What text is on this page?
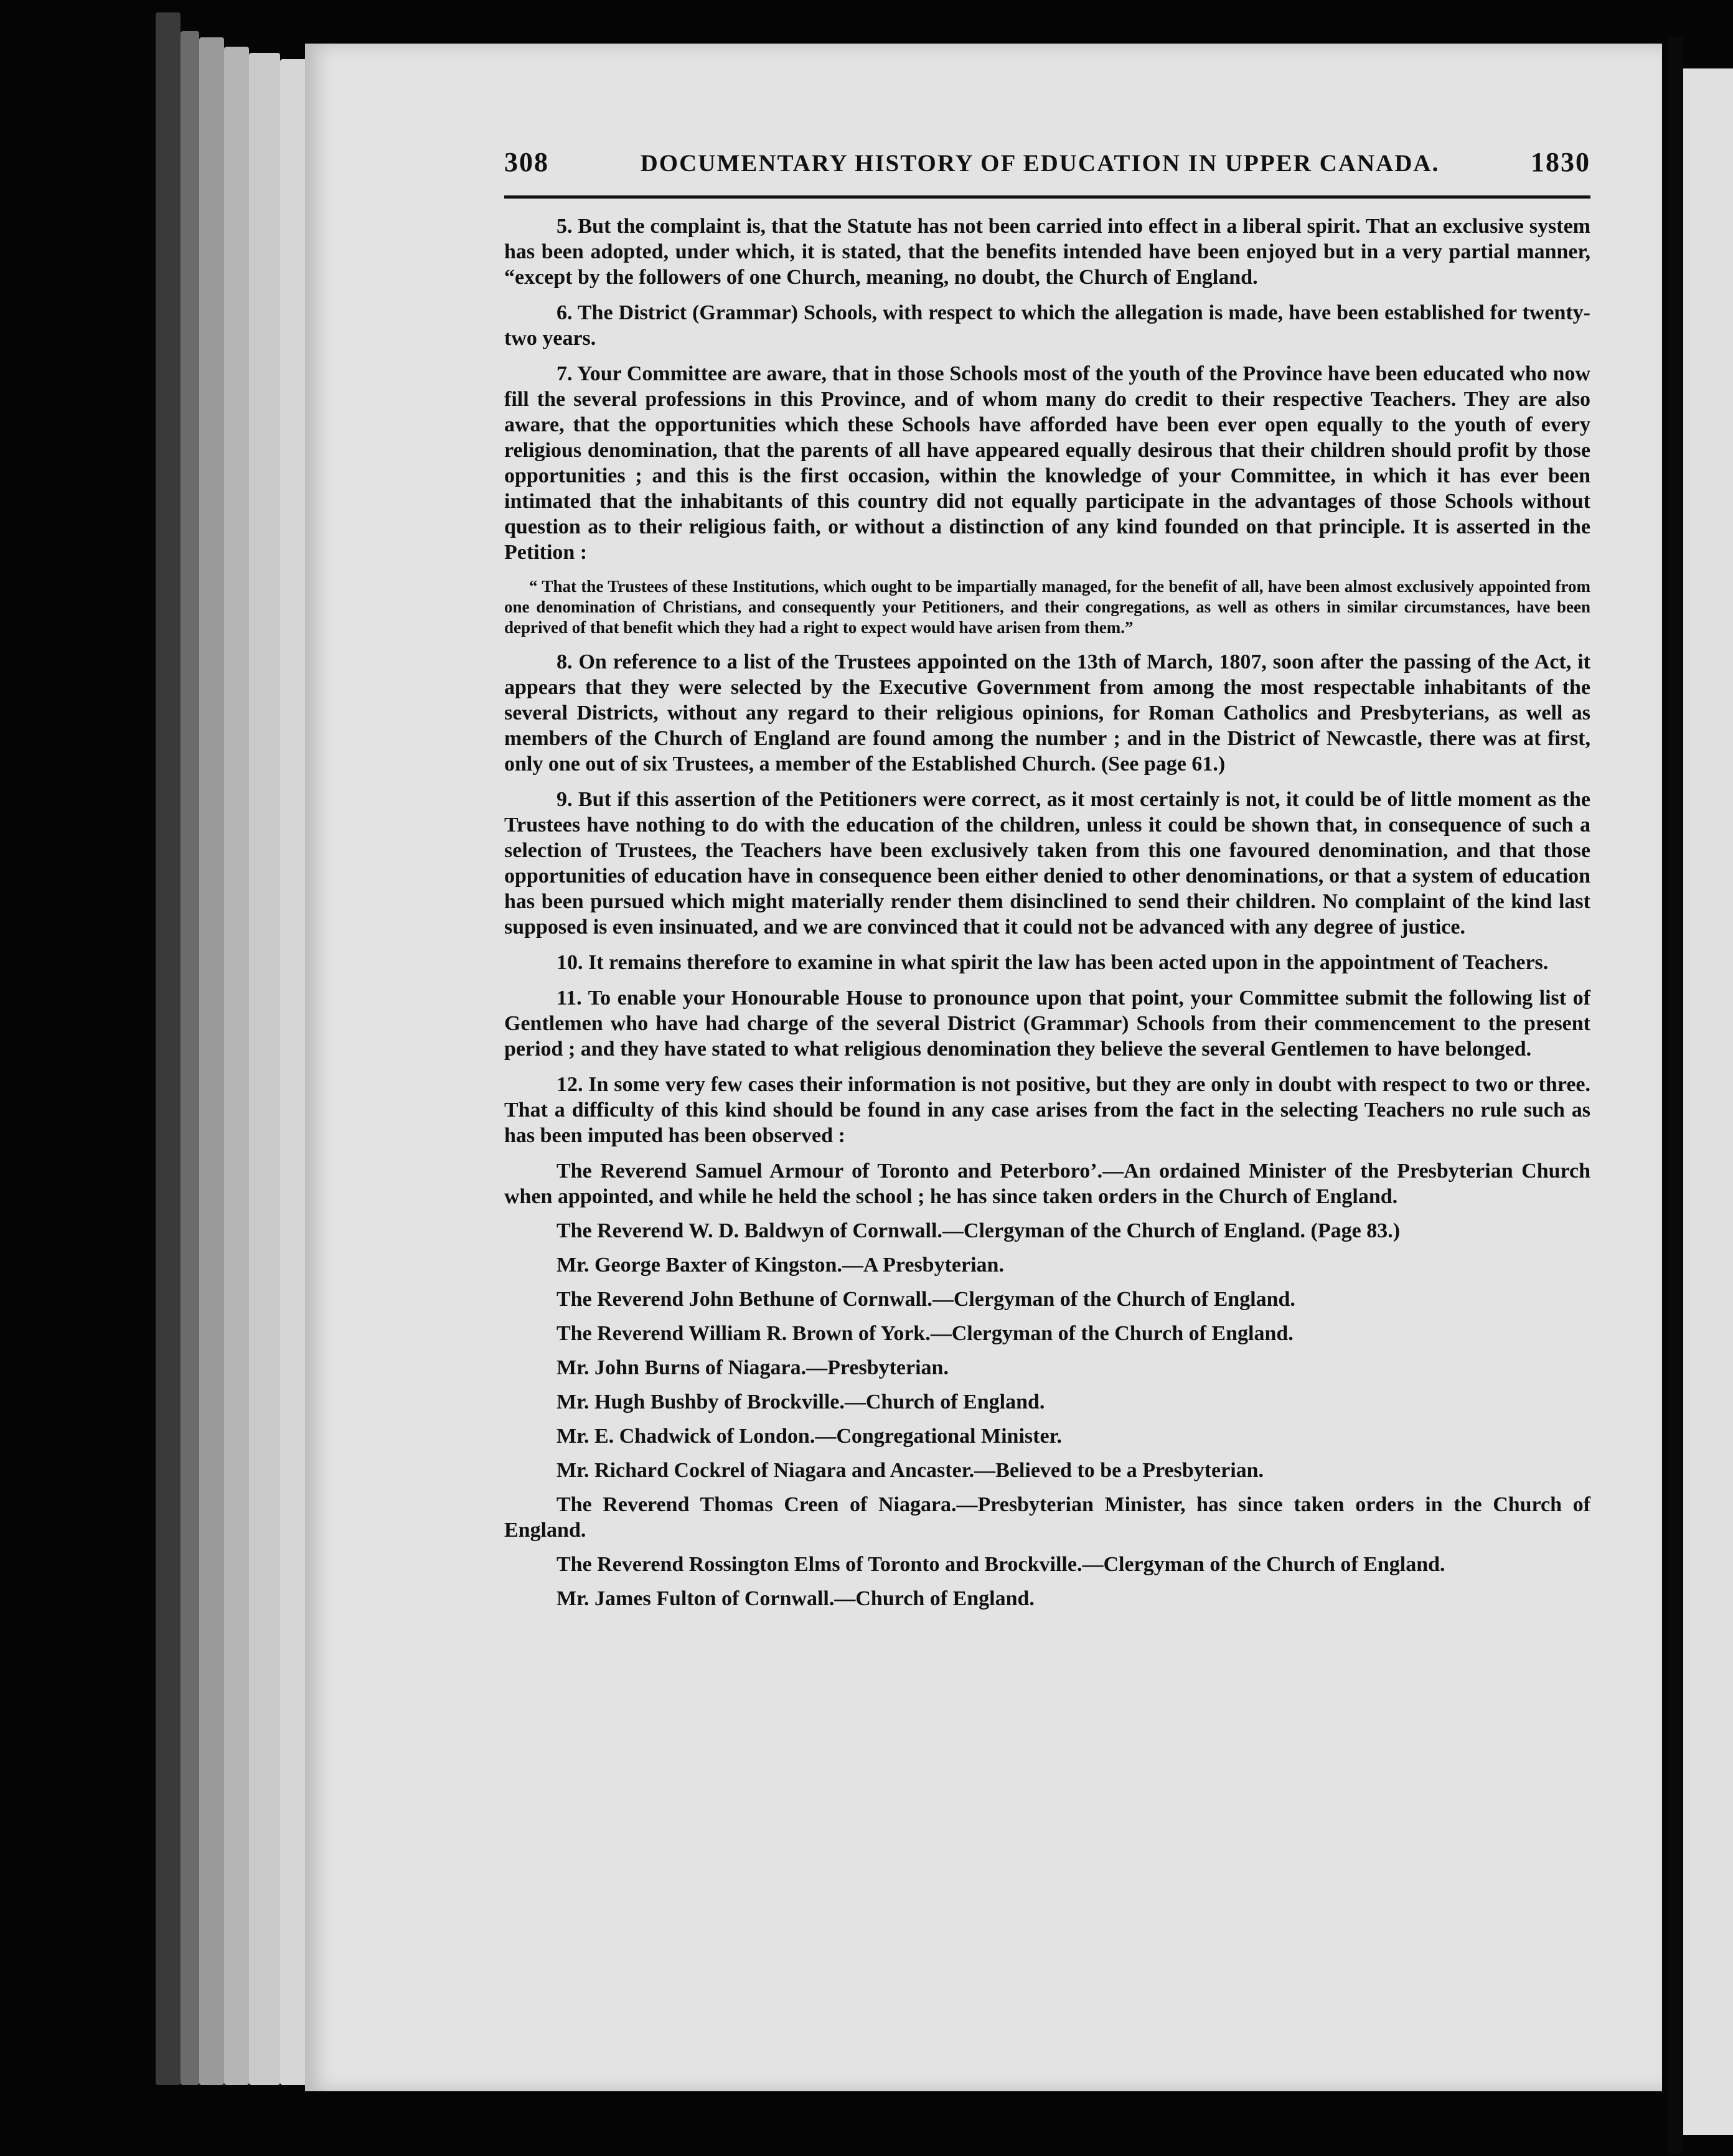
308	DOCUMENTARY HISTORY OF EDUCATION IN UPPER CANADA.	1830

5. But the complaint is, that the Statute has not been carried into effect in a liberal spirit. That an exclusive system has been adopted, under which, it is stated, that the benefits intended have been enjoyed but in a very partial manner, “except by the followers of one Church, meaning, no doubt, the Church of England.

6. The District (Grammar) Schools, with respect to which the allegation is made, have been established for twenty-two years.

7. Your Committee are aware, that in those Schools most of the youth of the Province have been educated who now fill the several professions in this Province, and of whom many do credit to their respective Teachers. They are also aware, that the opportunities which these Schools have afforded have been ever open equally to the youth of every religious denomination, that the parents of all have appeared equally desirous that their children should profit by those opportunities ; and this is the first occasion, within the knowledge of your Committee, in which it has ever been intimated that the inhabitants of this country did not equally participate in the advantages of those Schools without question as to their religious faith, or without a distinction of any kind founded on that principle. It is asserted in the Petition :

“ That the Trustees of these Institutions, which ought to be impartially managed, for the benefit of all, have been almost exclusively appointed from one denomination of Christians, and consequently your Petitioners, and their congregations, as well as others in similar circumstances, have been deprived of that benefit which they had a right to expect would have arisen from them.”

8. On reference to a list of the Trustees appointed on the 13th of March, 1807, soon after the passing of the Act, it appears that they were selected by the Executive Government from among the most respectable inhabitants of the several Districts, without any regard to their religious opinions, for Roman Catholics and Presbyterians, as well as members of the Church of England are found among the number ; and in the District of Newcastle, there was at first, only one out of six Trustees, a member of the Established Church. (See page 61.)

9. But if this assertion of the Petitioners were correct, as it most certainly is not, it could be of little moment as the Trustees have nothing to do with the education of the children, unless it could be shown that, in consequence of such a selection of Trustees, the Teachers have been exclusively taken from this one favoured denomination, and that those opportunities of education have in consequence been either denied to other denominations, or that a system of education has been pursued which might materially render them disinclined to send their children. No complaint of the kind last supposed is even insinuated, and we are convinced that it could not be advanced with any degree of justice.

10. It remains therefore to examine in what spirit the law has been acted upon in the appointment of Teachers.

11. To enable your Honourable House to pronounce upon that point, your Committee submit the following list of Gentlemen who have had charge of the several District (Grammar) Schools from their commencement to the present period ; and they have stated to what religious denomination they believe the several Gentlemen to have belonged.

12. In some very few cases their information is not positive, but they are only in doubt with respect to two or three. That a difficulty of this kind should be found in any case arises from the fact in the selecting Teachers no rule such as has been imputed has been observed :

The Reverend Samuel Armour of Toronto and Peterboro’.—An ordained Minister of the Presbyterian Church when appointed, and while he held the school ; he has since taken orders in the Church of England.

The Reverend W. D. Baldwyn of Cornwall.—Clergyman of the Church of England. (Page 83.)

Mr. George Baxter of Kingston.—A Presbyterian.

The Reverend John Bethune of Cornwall.—Clergyman of the Church of England.

The Reverend William R. Brown of York.—Clergyman of the Church of England.

Mr. John Burns of Niagara.—Presbyterian.

Mr. Hugh Bushby of Brockville.—Church of England.

Mr. E. Chadwick of London.—Congregational Minister.

Mr. Richard Cockrel of Niagara and Ancaster.—Believed to be a Presbyterian.

The Reverend Thomas Creen of Niagara.—Presbyterian Minister, has since taken orders in the Church of England.

The Reverend Rossington Elms of Toronto and Brockville.—Clergyman of the Church of England.

Mr. James Fulton of Cornwall.—Church of England.
